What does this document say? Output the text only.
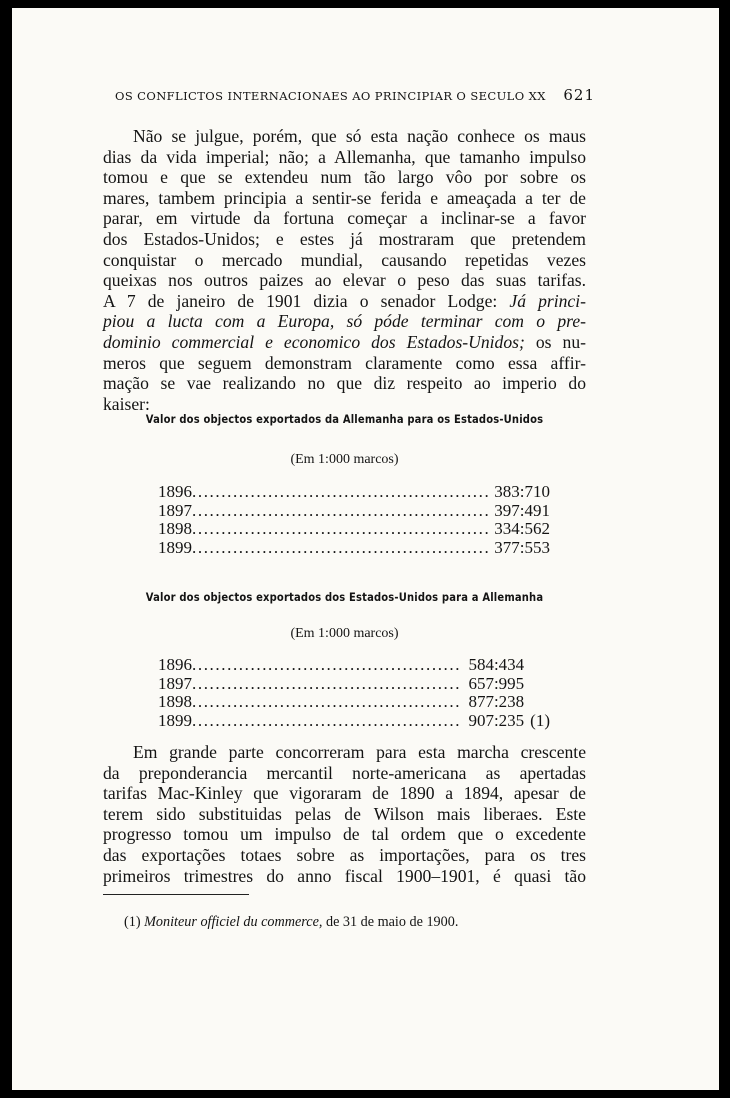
OS CONFLICTOS INTERNACIONAES AO PRINCIPIAR O SECULO XX 621
Não se julgue, porém, que só esta nação conhece os maus
dias da vida imperial; não; a Allemanha, que tamanho impulso
tomou e que se extendeu num tão largo vôo por sobre os
mares, tambem principia a sentir-se ferida e ameaçada a ter de
parar, em virtude da fortuna começar a inclinar-se a favor
dos Estados-Unidos; e estes já mostraram que pretendem
conquistar o mercado mundial, causando repetidas vezes
queixas nos outros paizes ao elevar o peso das suas tarifas.
A 7 de janeiro de 1901 dizia o senador Lodge: Já princi-
piou a lucta com a Europa, só póde terminar com o pre-
dominio commercial e economico dos Estados-Unidos; os nu-
meros que seguem demonstram claramente como essa affir-
mação se vae realizando no que diz respeito ao imperio do
kaiser:
Valor dos objectos exportados da Allemanha para os Estados-Unidos
(Em 1:000 marcos)
1896 .....	383:710
1897 .....	397:491
1898 .....	334:562
1899 .....	377:553
Valor dos objectos exportados dos Estados-Unidos para a Allemanha
(Em 1:000 marcos)
1896 .....	584:434
1897 .....	657:995
1898 .....	877:238
1899 .....	907:235 (1)
Em grande parte concorreram para esta marcha crescente
da preponderancia mercantil norte-americana as apertadas
tarifas Mac-Kinley que vigoraram de 1890 a 1894, apesar de
terem sido substituidas pelas de Wilson mais liberaes. Este
progresso tomou um impulso de tal ordem que o excedente
das exportações totaes sobre as importações, para os tres
primeiros trimestres do anno fiscal 1900–1901, é quasi tão
(1) Moniteur officiel du commerce, de 31 de maio de 1900.
